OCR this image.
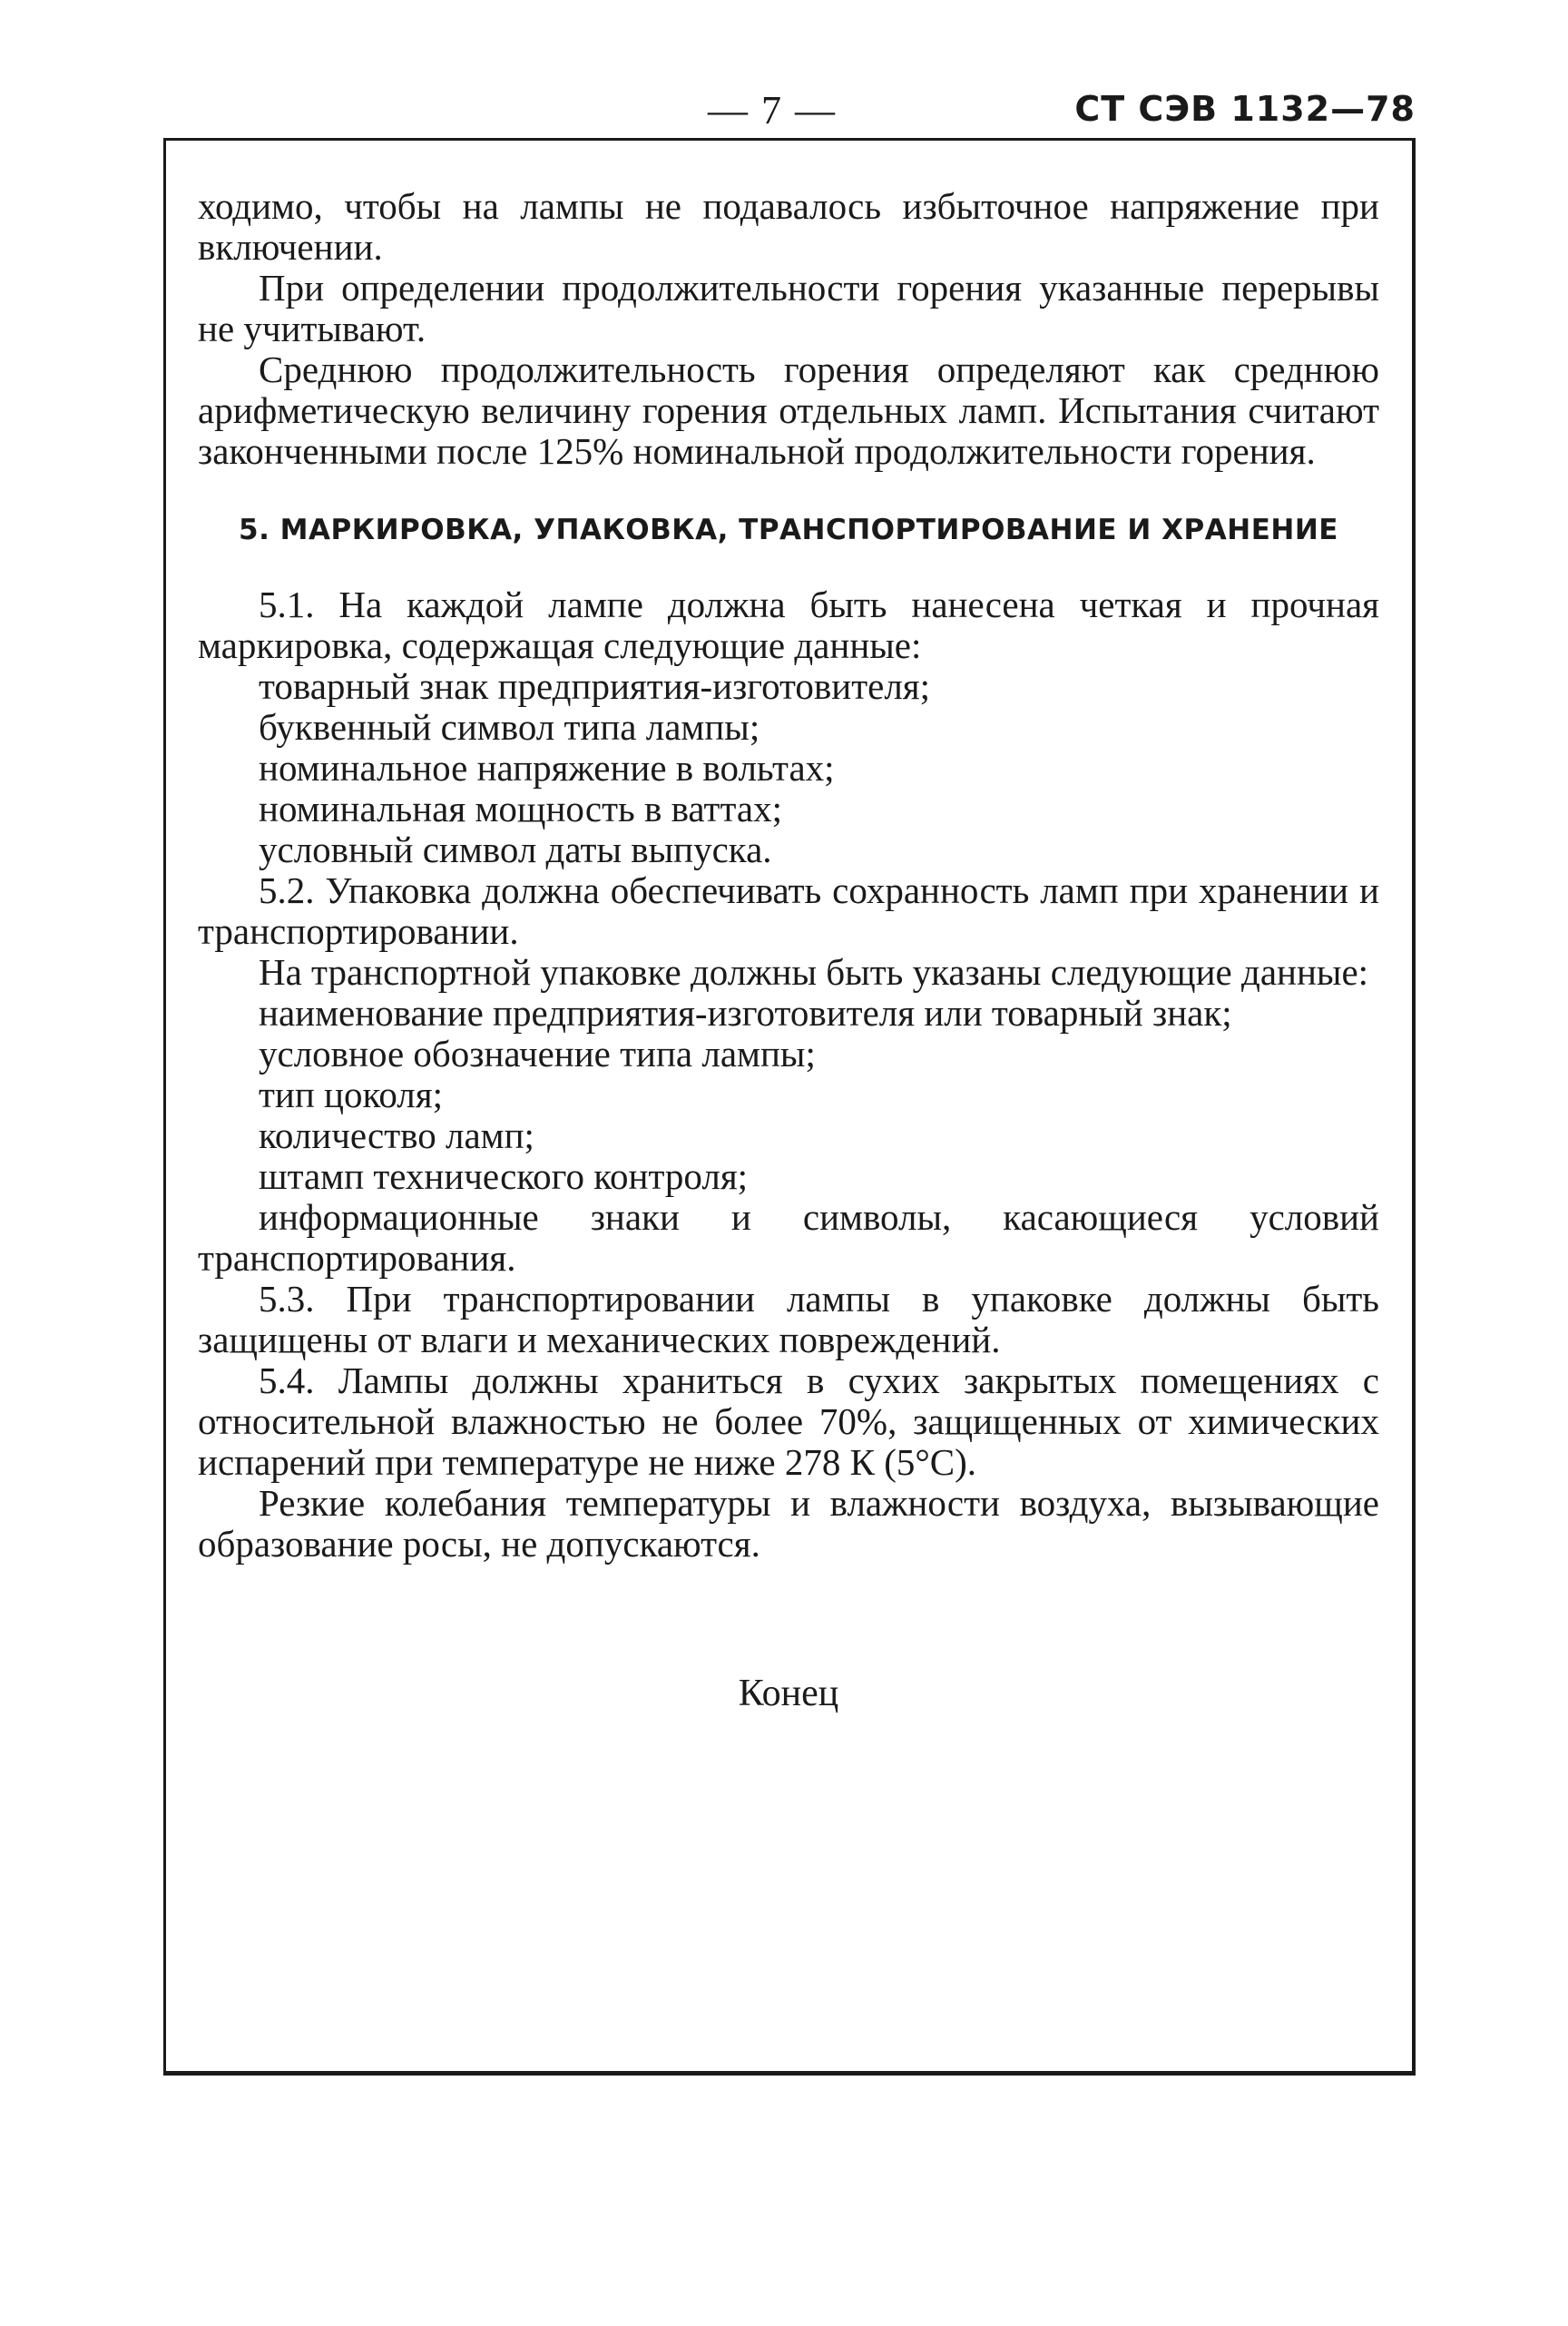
— 7 —	СТ СЭВ 1132—78

ходимо, чтобы на лампы не подавалось избыточное напряжение при включении.

При определении продолжительности горения указанные перерывы не учитывают.

Среднюю продолжительность горения определяют как среднюю арифметическую величину горения отдельных ламп. Испытания считают законченными после 125% номинальной продолжительности горения.

5. МАРКИРОВКА, УПАКОВКА, ТРАНСПОРТИРОВАНИЕ И ХРАНЕНИЕ

5.1. На каждой лампе должна быть нанесена четкая и прочная маркировка, содержащая следующие данные:

товарный знак предприятия-изготовителя;

буквенный символ типа лампы;

номинальное напряжение в вольтах;

номинальная мощность в ваттах;

условный символ даты выпуска.

5.2. Упаковка должна обеспечивать сохранность ламп при хранении и транспортировании.

На транспортной упаковке должны быть указаны следующие данные:

наименование предприятия-изготовителя или товарный знак;

условное обозначение типа лампы;

тип цоколя;

количество ламп;

штамп технического контроля;

информационные знаки и символы, касающиеся условий транспортирования.

5.3. При транспортировании лампы в упаковке должны быть защищены от влаги и механических повреждений.

5.4. Лампы должны храниться в сухих закрытых помещениях с относительной влажностью не более 70%, защищенных от химических испарений при температуре не ниже 278 К (5°С).

Резкие колебания температуры и влажности воздуха, вызывающие образование росы, не допускаются.

Конец
